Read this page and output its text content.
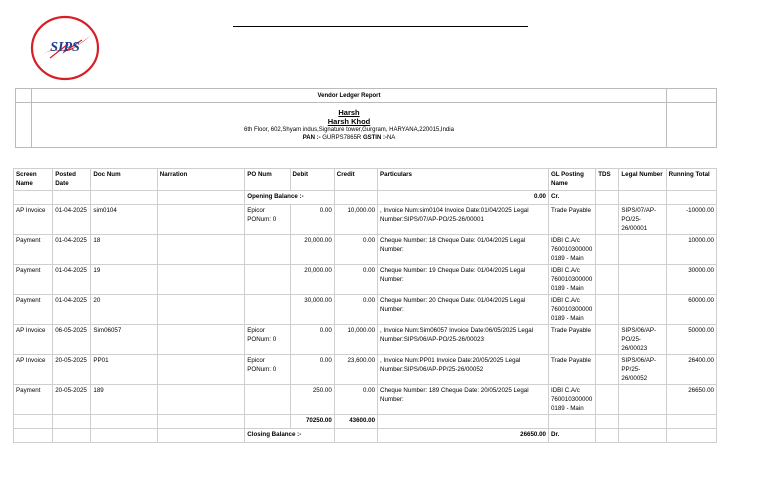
SIPS
	Vendor Ledger Report	

	Harsh
Harsh Khod
6th Floor, 602,Shyam indus,Signature tower,Gurgram, HARYANA,220015,India
PAN :- GURPS7865R GSTIN :-NA	

Screen Name	Posted Date	Doc Num	Narration	PO Num	Debit	Credit	Particulars	GL Posting Name	TDS	Legal Number	Running Total
				Opening Balance :-			0.00	Cr.			
AP Invoice	01-04-2025	sim0104		Epicor PONum: 0	0.00	10,000.00	, Invoice Num:sim0104 Invoice Date:01/04/2025 Legal Number:SIPS/07/AP-PO/25-26/00001	Trade Payable		SIPS/07/AP-PO/25-26/00001	-10000.00
Payment	01-04-2025	18			20,000.00	0.00	Cheque Number: 18 Cheque Date: 01/04/2025 Legal Number:	IDBI C.A/c 760010300000 0189 - Main			10000.00
Payment	01-04-2025	19			20,000.00	0.00	Cheque Number: 19 Cheque Date: 01/04/2025 Legal Number:	IDBI C.A/c 760010300000 0189 - Main			30000.00
Payment	01-04-2025	20			30,000.00	0.00	Cheque Number: 20 Cheque Date: 01/04/2025 Legal Number:	IDBI C.A/c 760010300000 0189 - Main			60000.00
AP Invoice	06-05-2025	Sim06057		Epicor PONum: 0	0.00	10,000.00	, Invoice Num:Sim06057 Invoice Date:06/05/2025 Legal Number:SIPS/06/AP-PO/25-26/00023	Trade Payable		SIPS/06/AP-PO/25-26/00023	50000.00
AP Invoice	20-05-2025	PP01		Epicor PONum: 0	0.00	23,600.00	, Invoice Num:PP01 Invoice Date:20/05/2025 Legal Number:SIPS/06/AP-PP/25-26/00052	Trade Payable		SIPS/06/AP-PP/25-26/00052	26400.00
Payment	20-05-2025	189			250.00	0.00	Cheque Number: 189 Cheque Date: 20/05/2025 Legal Number:	IDBI C.A/c 760010300000 0189 - Main			26650.00
					70250.00	43600.00					
				Closing Balance :-			26650.00	Dr.			
